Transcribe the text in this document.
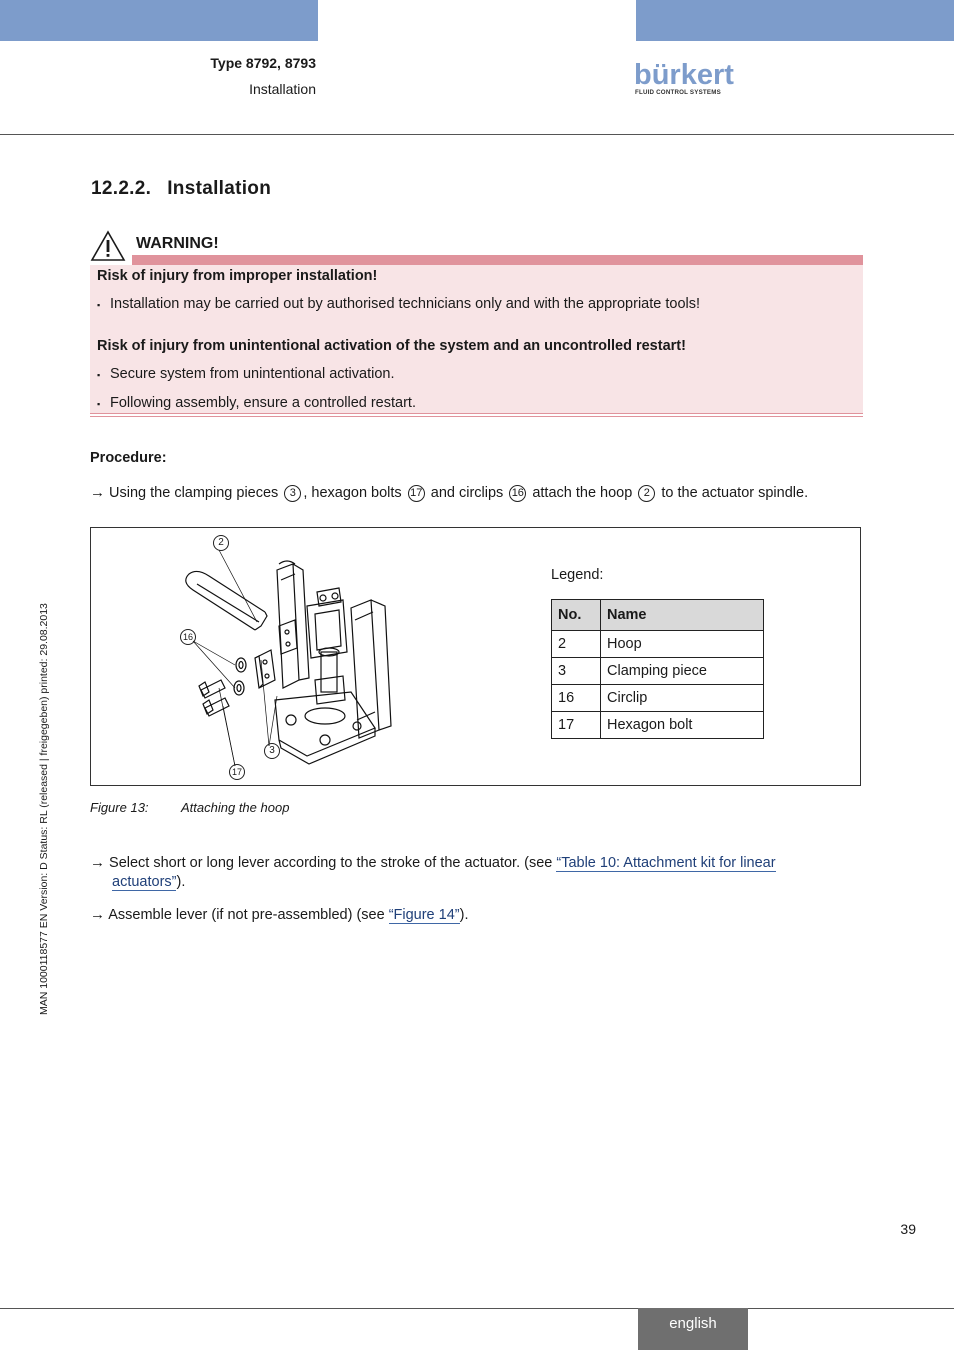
Type 8792, 8793
Installation	bürkert
FLUID CONTROL SYSTEMS
12.2.2. Installation
WARNING!
Risk of injury from improper installation!
▪ Installation may be carried out by authorised technicians only and with the appropriate tools!
Risk of injury from unintentional activation of the system and an uncontrolled restart!
▪ Secure system from unintentional activation.
▪ Following assembly, ensure a controlled restart.
Procedure:
→ Using the clamping pieces 3 , hexagon bolts 17 and circlips 16 attach the hoop 2 to the actuator spindle.
2
16
3
17
Legend:
No.	Name
2	Hoop
3	Clamping piece
16	Circlip
17	Hexagon bolt
Figure 13: Attaching the hoop
→ Select short or long lever according to the stroke of the actuator. (see “Table 10: Attachment kit for linear
actuators”).
→ Assemble lever (if not pre-assembled) (see “Figure 14”).
MAN 1000118577 EN Version: D Status: RL (released | freigegeben) printed: 29.08.2013
39
english
